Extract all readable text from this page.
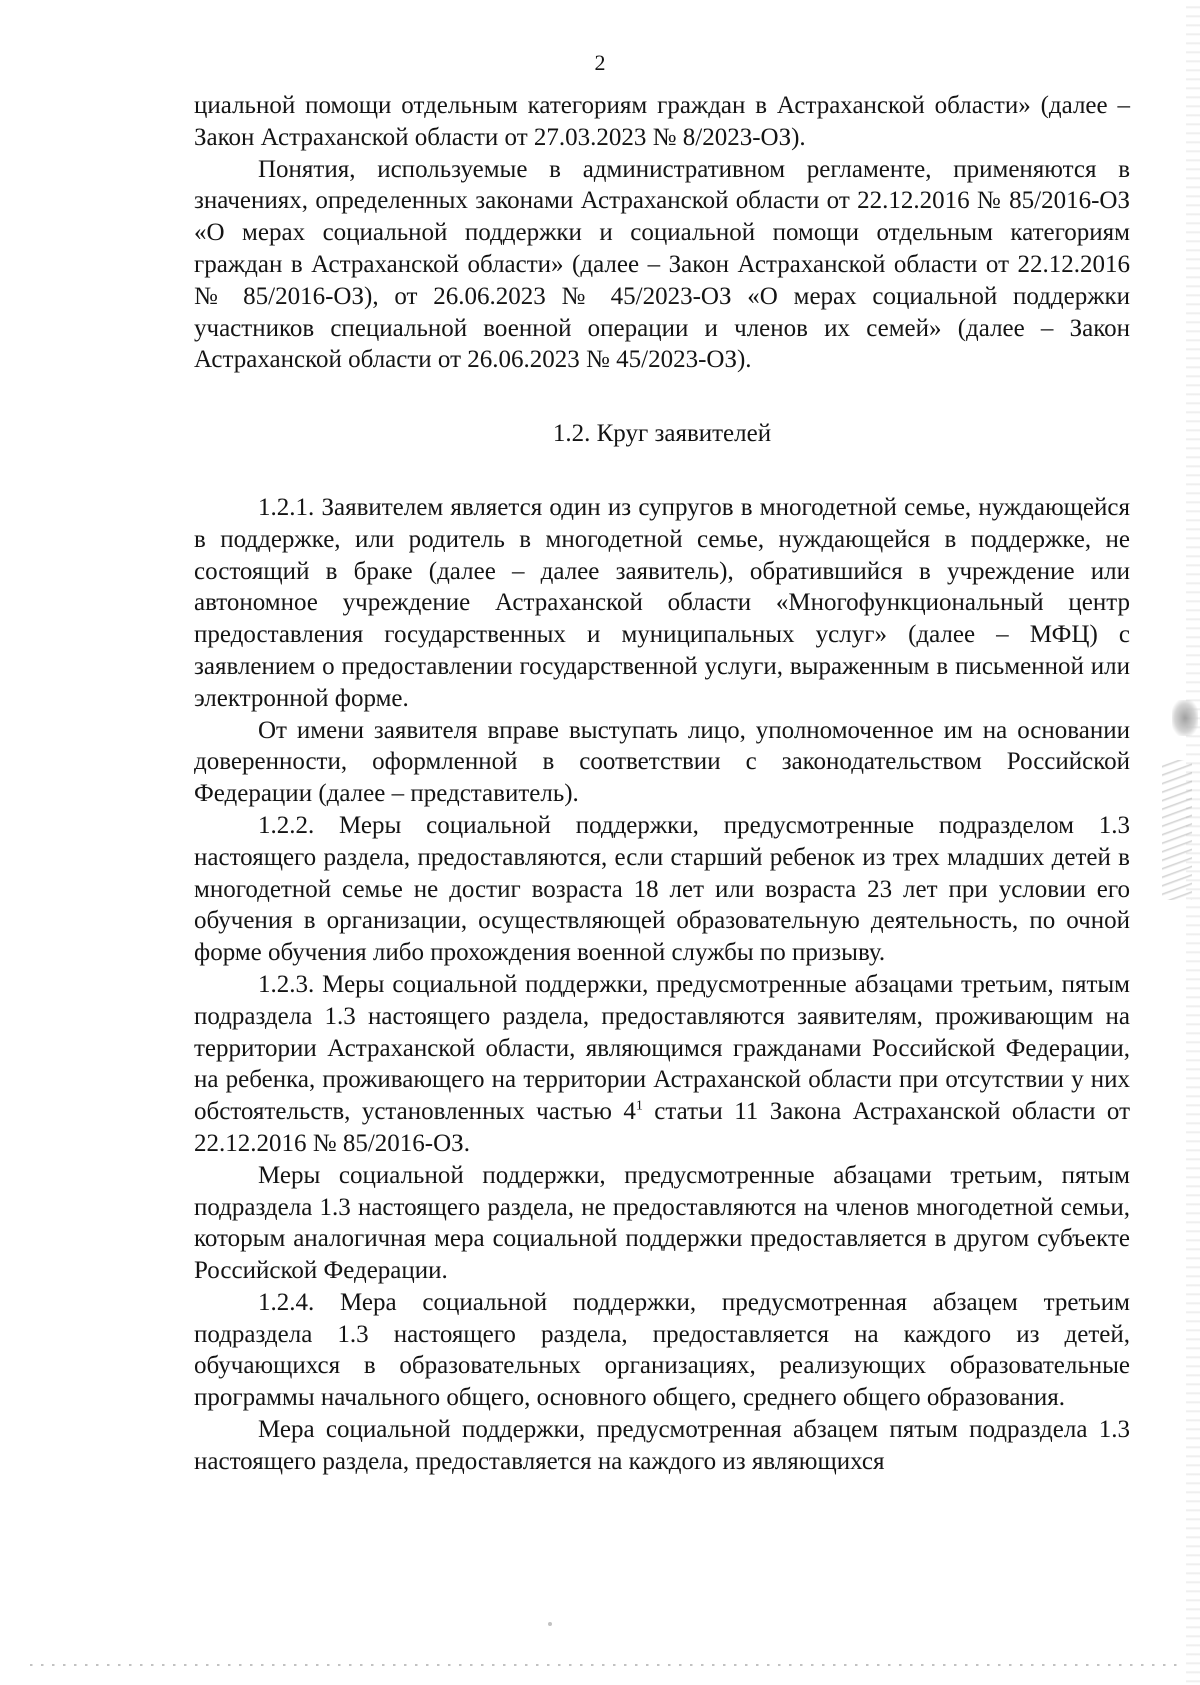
2

циальной помощи отдельным категориям граждан в Астраханской области» (далее – Закон Астраханской области от 27.03.2023 № 8/2023-ОЗ).

Понятия, используемые в административном регламенте, применяются в значениях, определенных законами Астраханской области от 22.12.2016 № 85/2016-ОЗ «О мерах социальной поддержки и социальной помощи отдельным категориям граждан в Астраханской области» (далее – Закон Астраханской области от 22.12.2016 № 85/2016-ОЗ), от 26.06.2023 № 45/2023-ОЗ «О мерах социальной поддержки участников специальной военной операции и членов их семей» (далее – Закон Астраханской области от 26.06.2023 № 45/2023-ОЗ).

1.2. Круг заявителей

1.2.1. Заявителем является один из супругов в многодетной семье, нуждающейся в поддержке, или родитель в многодетной семье, нуждающейся в поддержке, не состоящий в браке (далее – далее заявитель), обратившийся в учреждение или автономное учреждение Астраханской области «Многофункциональный центр предоставления государственных и муниципальных услуг» (далее – МФЦ) с заявлением о предоставлении государственной услуги, выраженным в письменной или электронной форме.

От имени заявителя вправе выступать лицо, уполномоченное им на основании доверенности, оформленной в соответствии с законодательством Российской Федерации (далее – представитель).

1.2.2. Меры социальной поддержки, предусмотренные подразделом 1.3 настоящего раздела, предоставляются, если старший ребенок из трех младших детей в многодетной семье не достиг возраста 18 лет или возраста 23 лет при условии его обучения в организации, осуществляющей образовательную деятельность, по очной форме обучения либо прохождения военной службы по призыву.

1.2.3. Меры социальной поддержки, предусмотренные абзацами третьим, пятым подраздела 1.3 настоящего раздела, предоставляются заявителям, проживающим на территории Астраханской области, являющимся гражданами Российской Федерации, на ребенка, проживающего на территории Астраханской области при отсутствии у них обстоятельств, установленных частью $4^1$ статьи 11 Закона Астраханской области от 22.12.2016 № 85/2016-ОЗ.

Меры социальной поддержки, предусмотренные абзацами третьим, пятым подраздела 1.3 настоящего раздела, не предоставляются на членов многодетной семьи, которым аналогичная мера социальной поддержки предоставляется в другом субъекте Российской Федерации.

1.2.4. Мера социальной поддержки, предусмотренная абзацем третьим подраздела 1.3 настоящего раздела, предоставляется на каждого из детей, обучающихся в образовательных организациях, реализующих образовательные программы начального общего, основного общего, среднего общего образования.

Мера социальной поддержки, предусмотренная абзацем пятым подраздела 1.3 настоящего раздела, предоставляется на каждого из являющихся
